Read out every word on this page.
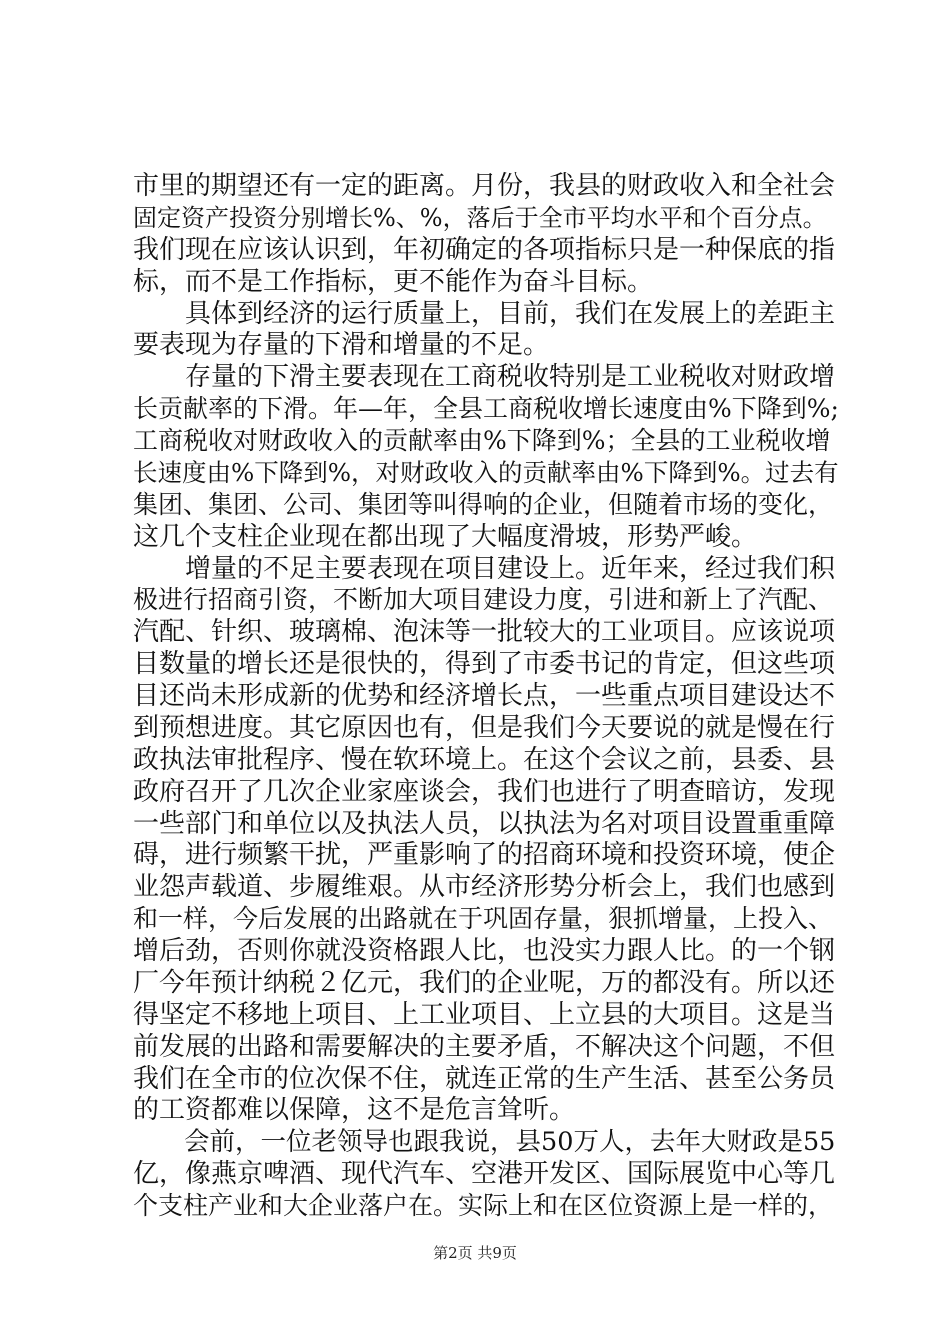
市里的期望还有一定的距离。月份，我县的财政收入和全社会
固定资产投资分别增长%、%，落后于全市平均水平和个百分点。
我们现在应该认识到，年初确定的各项指标只是一种保底的指
标，而不是工作指标，更不能作为奋斗目标。
　　具体到经济的运行质量上，目前，我们在发展上的差距主
要表现为存量的下滑和增量的不足。
　　存量的下滑主要表现在工商税收特别是工业税收对财政增
长贡献率的下滑。年—年，全县工商税收增长速度由%下降到%;
工商税收对财政收入的贡献率由%下降到%；全县的工业税收增
长速度由%下降到%，对财政收入的贡献率由%下降到%。过去有
集团、集团、公司、集团等叫得响的企业，但随着市场的变化，
这几个支柱企业现在都出现了大幅度滑坡，形势严峻。
　　增量的不足主要表现在项目建设上。近年来，经过我们积
极进行招商引资，不断加大项目建设力度，引进和新上了汽配、
汽配、针织、玻璃棉、泡沫等一批较大的工业项目。应该说项
目数量的增长还是很快的，得到了市委书记的肯定，但这些项
目还尚未形成新的优势和经济增长点，一些重点项目建设达不
到预想进度。其它原因也有，但是我们今天要说的就是慢在行
政执法审批程序、慢在软环境上。在这个会议之前，县委、县
政府召开了几次企业家座谈会，我们也进行了明查暗访，发现
一些部门和单位以及执法人员，以执法为名对项目设置重重障
碍，进行频繁干扰，严重影响了的招商环境和投资环境，使企
业怨声载道、步履维艰。从市经济形势分析会上，我们也感到
和一样，今后发展的出路就在于巩固存量，狠抓增量，上投入、
增后劲，否则你就没资格跟人比，也没实力跟人比。的一个钢
厂今年预计纳税２亿元，我们的企业呢，万的都没有。所以还
得坚定不移地上项目、上工业项目、上立县的大项目。这是当
前发展的出路和需要解决的主要矛盾，不解决这个问题，不但
我们在全市的位次保不住，就连正常的生产生活、甚至公务员
的工资都难以保障，这不是危言耸听。
　　会前，一位老领导也跟我说，县50万人，去年大财政是55
亿，像燕京啤酒、现代汽车、空港开发区、国际展览中心等几
个支柱产业和大企业落户在。实际上和在区位资源上是一样的，
第2页 共9页
